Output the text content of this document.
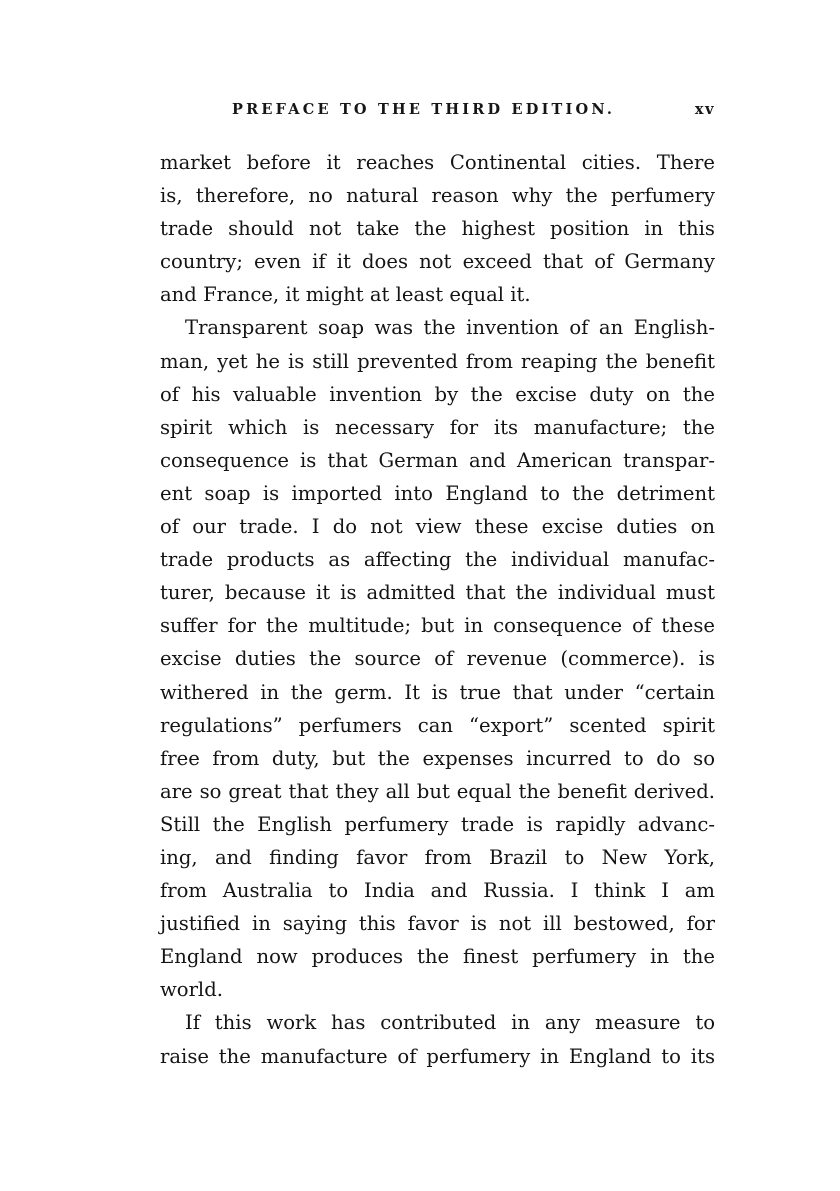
PREFACE TO THE THIRD EDITION.	xv
market before it reaches Continental cities. There
is, therefore, no natural reason why the perfumery
trade should not take the highest position in this
country; even if it does not exceed that of Germany
and France, it might at least equal it.
Transparent soap was the invention of an English-
man, yet he is still prevented from reaping the benefit
of his valuable invention by the excise duty on the
spirit which is necessary for its manufacture; the
consequence is that German and American transpar-
ent soap is imported into England to the detriment
of our trade. I do not view these excise duties on
trade products as affecting the individual manufac-
turer, because it is admitted that the individual must
suffer for the multitude; but in consequence of these
excise duties the source of revenue (commerce). is
withered in the germ. It is true that under “certain
regulations” perfumers can “export” scented spirit
free from duty, but the expenses incurred to do so
are so great that they all but equal the benefit derived.
Still the English perfumery trade is rapidly advanc-
ing, and finding favor from Brazil to New York,
from Australia to India and Russia. I think I am
justified in saying this favor is not ill bestowed, for
England now produces the finest perfumery in the
world.
If this work has contributed in any measure to
raise the manufacture of perfumery in England to its
